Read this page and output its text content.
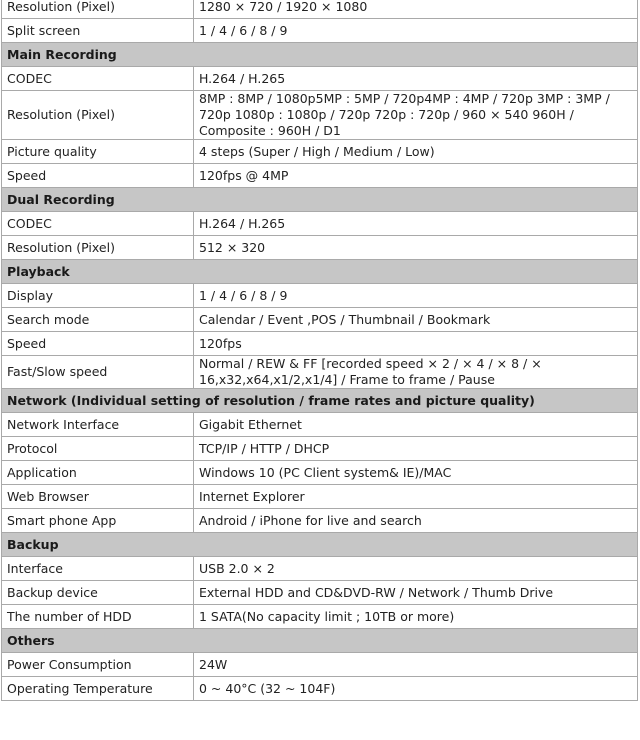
Resolution (Pixel)	1280 × 720 / 1920 × 1080
Split screen	1 / 4 / 6 / 8 / 9
Main Recording	
CODEC	H.264 / H.265
Resolution (Pixel)	8MP : 8MP / 1080p5MP : 5MP / 720p4MP : 4MP / 720p 3MP : 3MP / 720p 1080p : 1080p / 720p 720p : 720p / 960 × 540 960H / Composite : 960H / D1
Picture quality	4 steps (Super / High / Medium / Low)
Speed	120fps @ 4MP
Dual Recording	
CODEC	H.264 / H.265
Resolution (Pixel)	512 × 320
Playback	
Display	1 / 4 / 6 / 8 / 9
Search mode	Calendar / Event ,POS / Thumbnail / Bookmark
Speed	120fps
Fast/Slow speed	Normal / REW & FF [recorded speed × 2 / × 4 / × 8 / × 16,x32,x64,x1/2,x1/4] / Frame to frame / Pause
Network (Individual setting of resolution / frame rates and picture quality)	
Network Interface	Gigabit Ethernet
Protocol	TCP/IP / HTTP / DHCP
Application	Windows 10 (PC Client system& IE)/MAC
Web Browser	Internet Explorer
Smart phone App	Android / iPhone for live and search
Backup	
Interface	USB 2.0 × 2
Backup device	External HDD and CD&DVD-RW / Network / Thumb Drive
The number of HDD	1 SATA(No capacity limit ; 10TB or more)
Others	
Power Consumption	24W
Operating Temperature	0 ~ 40°C (32 ~ 104F)
